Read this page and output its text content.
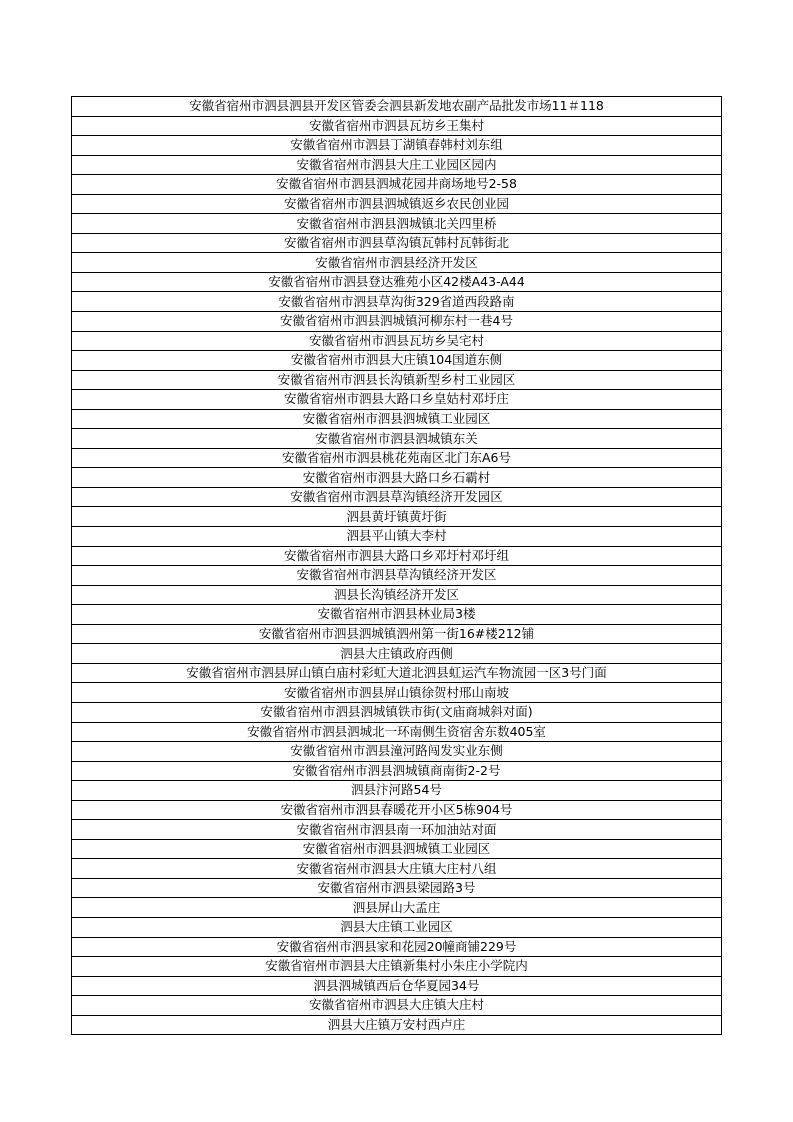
安徽省宿州市泗县泗县开发区管委会泗县新发地农副产品批发市场11＃118
安徽省宿州市泗县瓦坊乡王集村
安徽省宿州市泗县丁湖镇春韩村刘东组
安徽省宿州市泗县大庄工业园区园内
安徽省宿州市泗县泗城花园井商场地号2-58
安徽省宿州市泗县泗城镇返乡农民创业园
安徽省宿州市泗县泗城镇北关四里桥
安徽省宿州市泗县草沟镇瓦韩村瓦韩街北
安徽省宿州市泗县经济开发区
安徽省宿州市泗县登达雅苑小区42楼A43-A44
安徽省宿州市泗县草沟街329省道西段路南
安徽省宿州市泗县泗城镇河柳东村一巷4号
安徽省宿州市泗县瓦坊乡吴宅村
安徽省宿州市泗县大庄镇104国道东侧
安徽省宿州市泗县长沟镇新型乡村工业园区
安徽省宿州市泗县大路口乡皇姑村邓圩庄
安徽省宿州市泗县泗城镇工业园区
安徽省宿州市泗县泗城镇东关
安徽省宿州市泗县桃花苑南区北门东A6号
安徽省宿州市泗县大路口乡石霸村
安徽省宿州市泗县草沟镇经济开发园区
泗县黄圩镇黄圩街
泗县平山镇大李村
安徽省宿州市泗县大路口乡邓圩村邓圩组
安徽省宿州市泗县草沟镇经济开发区
泗县长沟镇经济开发区
安徽省宿州市泗县林业局3楼
安徽省宿州市泗县泗城镇泗州第一街16#楼212铺
泗县大庄镇政府西侧
安徽省宿州市泗县屏山镇白庙村彩虹大道北泗县虹运汽车物流园一区3号门面
安徽省宿州市泗县屏山镇徐贺村邢山南坡
安徽省宿州市泗县泗城镇铁市街(文庙商城斜对面)
安徽省宿州市泗县泗城北一环南侧生资宿舍东数405室
安徽省宿州市泗县潼河路闯发实业东侧
安徽省宿州市泗县泗城镇商南街2-2号
泗县汴河路54号
安徽省宿州市泗县春暖花开小区5栋904号
安徽省宿州市泗县南一环加油站对面
安徽省宿州市泗县泗城镇工业园区
安徽省宿州市泗县大庄镇大庄村八组
安徽省宿州市泗县梁园路3号
泗县屏山大孟庄
泗县大庄镇工业园区
安徽省宿州市泗县家和花园20幢商铺229号
安徽省宿州市泗县大庄镇新集村小朱庄小学院内
泗县泗城镇西后仓华夏园34号
安徽省宿州市泗县大庄镇大庄村
泗县大庄镇万安村西卢庄
